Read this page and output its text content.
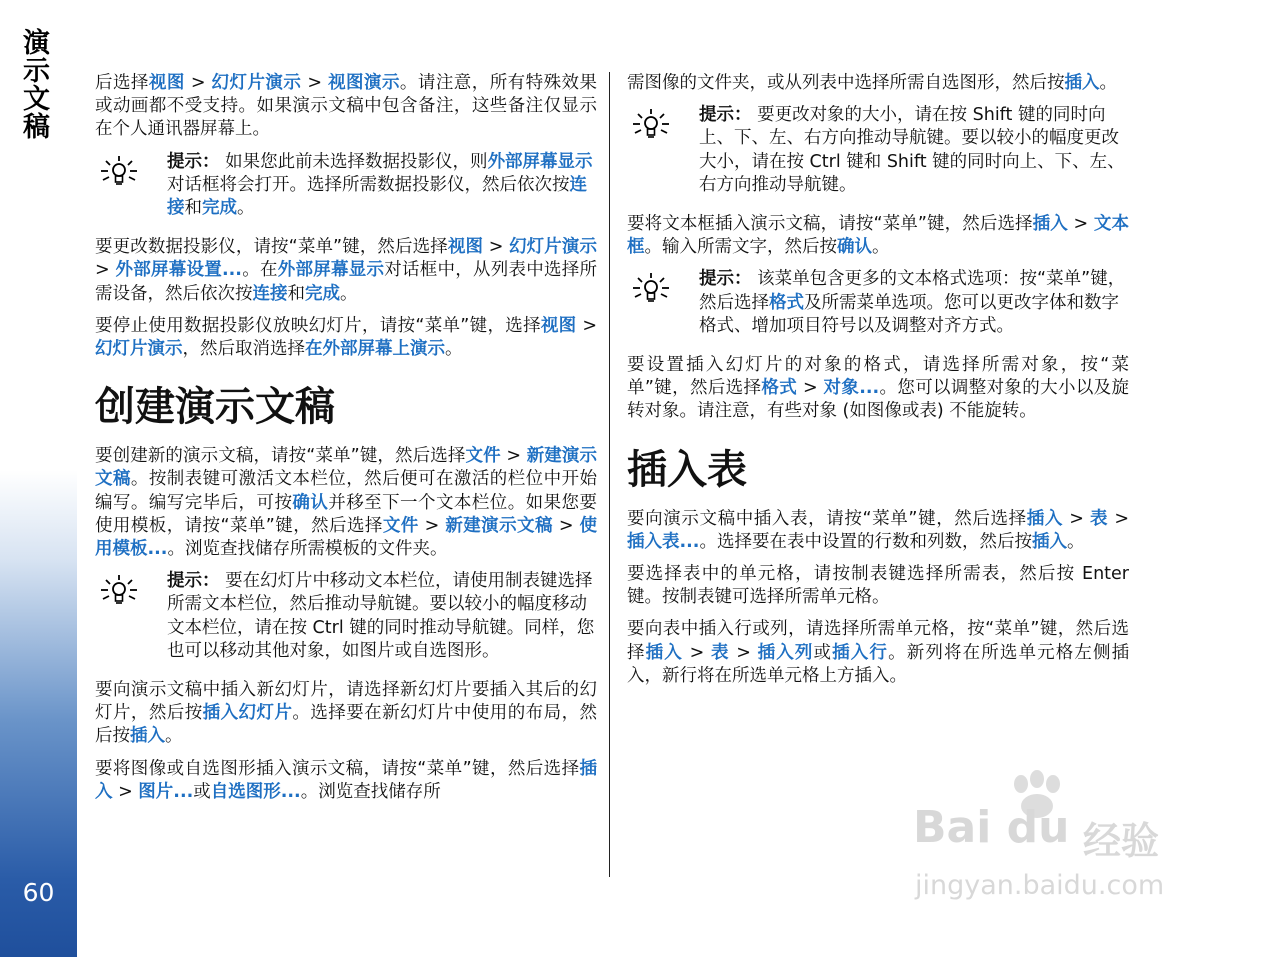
演示文稿
60

后选择视图 > 幻灯片演示 > 视图演示。请注意，所有特殊效果或动画都不受支持。如果演示文稿中包含备注，这些备注仅显示在个人通讯器屏幕上。

提示： 如果您此前未选择数据投影仪，则外部屏幕显示对话框将会打开。选择所需数据投影仪，然后依次按连接和完成。

要更改数据投影仪，请按“菜单”键，然后选择视图 > 幻灯片演示 > 外部屏幕设置...。在外部屏幕显示对话框中，从列表中选择所需设备，然后依次按连接和完成。

要停止使用数据投影仪放映幻灯片，请按“菜单”键，选择视图 > 幻灯片演示，然后取消选择在外部屏幕上演示。

创建演示文稿

要创建新的演示文稿，请按“菜单”键，然后选择文件 > 新建演示文稿。按制表键可激活文本栏位，然后便可在激活的栏位中开始编写。编写完毕后，可按确认并移至下一个文本栏位。如果您要使用模板，请按“菜单”键，然后选择文件 > 新建演示文稿 > 使用模板...。浏览查找储存所需模板的文件夹。

提示： 要在幻灯片中移动文本栏位，请使用制表键选择所需文本栏位，然后推动导航键。要以较小的幅度移动文本栏位，请在按 Ctrl 键的同时推动导航键。同样，您也可以移动其他对象，如图片或自选图形。

要向演示文稿中插入新幻灯片，请选择新幻灯片要插入其后的幻灯片，然后按插入幻灯片。选择要在新幻灯片中使用的布局，然后按插入。

要将图像或自选图形插入演示文稿，请按“菜单”键，然后选择插入 > 图片...或自选图形...。浏览查找储存所

需图像的文件夹，或从列表中选择所需自选图形，然后按插入。

提示： 要更改对象的大小，请在按 Shift 键的同时向上、下、左、右方向推动导航键。要以较小的幅度更改大小，请在按 Ctrl 键和 Shift 键的同时向上、下、左、右方向推动导航键。

要将文本框插入演示文稿，请按“菜单”键，然后选择插入 > 文本框。输入所需文字，然后按确认。

提示： 该菜单包含更多的文本格式选项：按“菜单”键，然后选择格式及所需菜单选项。您可以更改字体和数字格式、增加项目符号以及调整对齐方式。

要设置插入幻灯片的对象的格式，请选择所需对象，按“菜单”键，然后选择格式 > 对象...。您可以调整对象的大小以及旋转对象。请注意，有些对象 (如图像或表) 不能旋转。

插入表

要向演示文稿中插入表，请按“菜单”键，然后选择插入 > 表 > 插入表...。选择要在表中设置的行数和列数，然后按插入。

要选择表中的单元格，请按制表键选择所需表，然后按 Enter 键。按制表键可选择所需单元格。

要向表中插入行或列，请选择所需单元格，按“菜单”键，然后选择插入 > 表 > 插入列或插入行。新列将在所选单元格左侧插入，新行将在所选单元格上方插入。

Bai du 经验
jingyan.baidu.com
